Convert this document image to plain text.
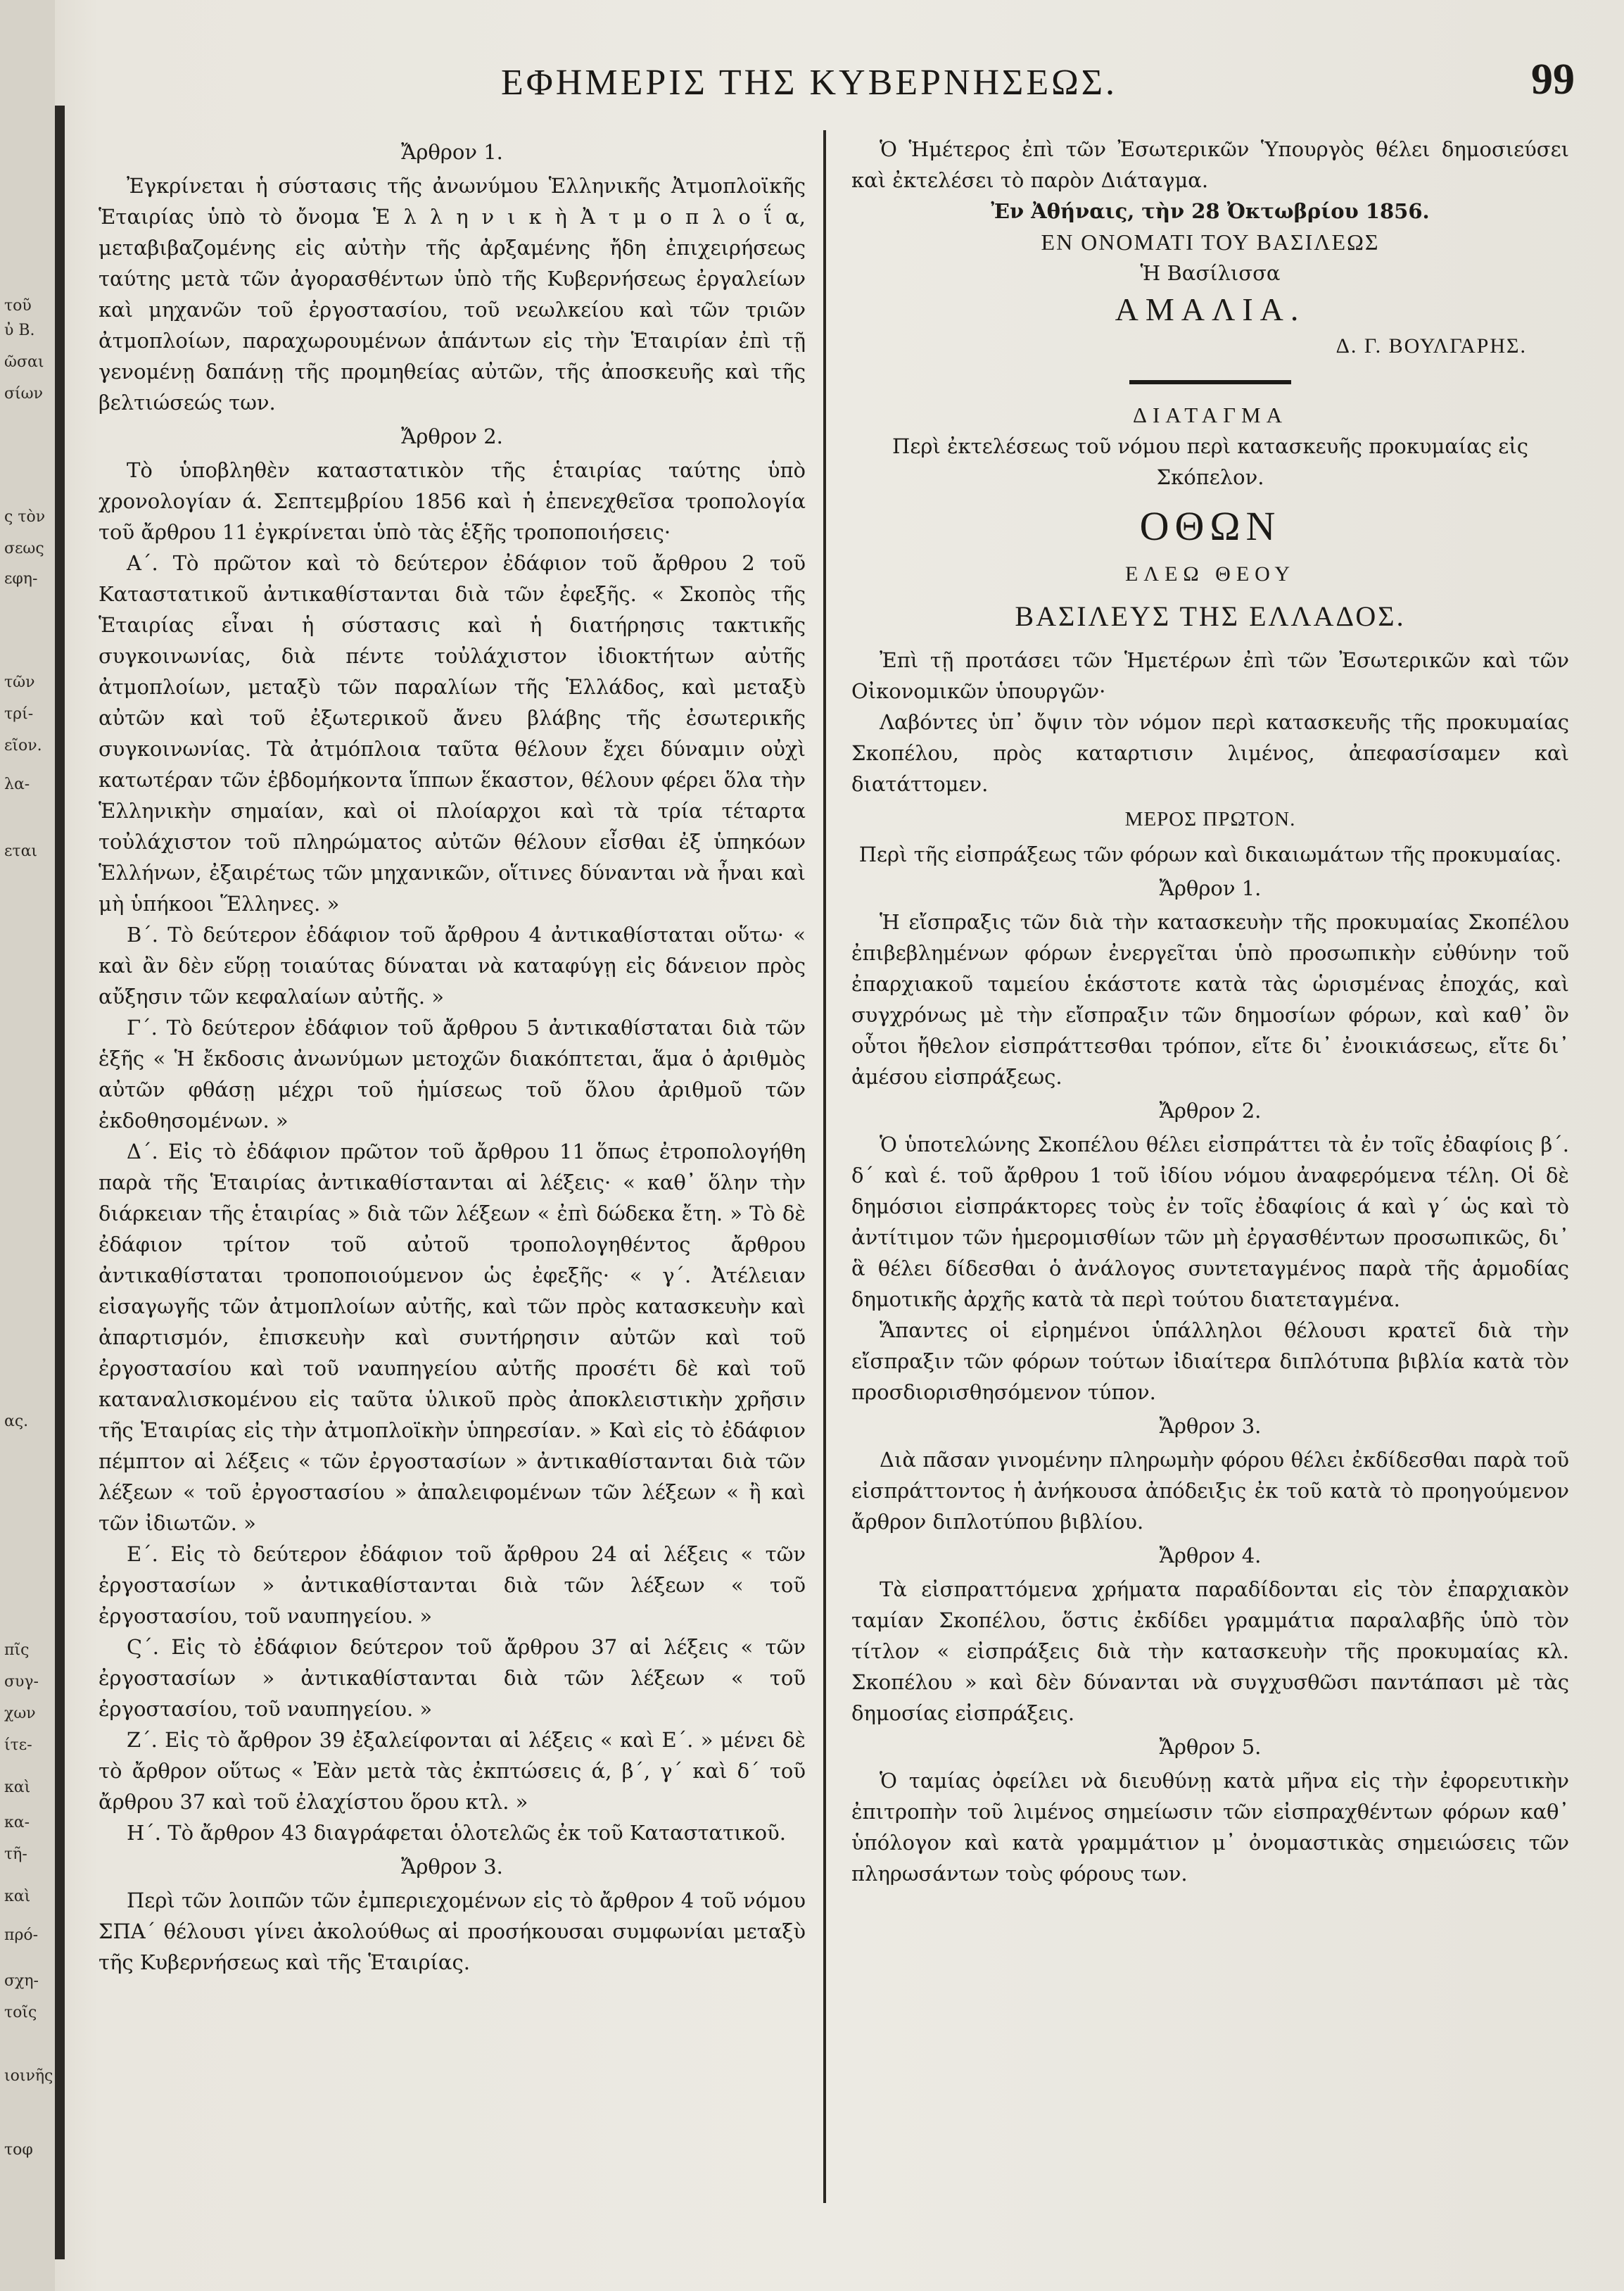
τοῦ
ὐ Β.
ῶσαι
σίων
ς τὸν
σεως
εφη-
τῶν
τρί-
εῖον.
λα-
εται
ας.
πῖς
συγ-
χων
ίτε-
καὶ
κα-
τῆ-
καὶ
πρό-
σχη-
τοῖς
ιοινῆς
τοφ
ΕΦΗΜΕΡΙΣ ΤΗΣ ΚΥΒΕΡΝΗΣΕΩΣ.	99

Ἄρθρον 1.

Ἐγκρίνεται ἡ σύστασις τῆς ἀνωνύμου Ἑλληνικῆς Ἀτμοπλοϊκῆς Ἑταιρίας ὑπὸ τὸ ὄνομα Ἑ λ λ η ν ι κ ὴ Ἀ τ μ ο π λ ο ΐ α, μεταβιβαζομένης εἰς αὐτὴν τῆς ἀρξαμένης ἤδη ἐπιχειρήσεως ταύτης μετὰ τῶν ἀγορασθέντων ὑπὸ τῆς Κυβερνήσεως ἐργαλείων καὶ μηχανῶν τοῦ ἐργοστασίου, τοῦ νεωλκείου καὶ τῶν τριῶν ἀτμοπλοίων, παραχωρουμένων ἁπάντων εἰς τὴν Ἑταιρίαν ἐπὶ τῇ γενομένῃ δαπάνῃ τῆς προμηθείας αὐτῶν, τῆς ἀποσκευῆς καὶ τῆς βελτιώσεώς των.

Ἄρθρον 2.

Τὸ ὑποβληθὲν καταστατικὸν τῆς ἑταιρίας ταύτης ὑπὸ χρονολογίαν ά. Σεπτεμβρίου 1856 καὶ ἡ ἐπενεχθεῖσα τροπολογία τοῦ ἄρθρου 11 ἐγκρίνεται ὑπὸ τὰς ἑξῆς τροποποιήσεις·

Α΄. Τὸ πρῶτον καὶ τὸ δεύτερον ἐδάφιον τοῦ ἄρθρου 2 τοῦ Καταστατικοῦ ἀντικαθίστανται διὰ τῶν ἐφεξῆς. « Σκοπὸς τῆς Ἑταιρίας εἶναι ἡ σύστασις καὶ ἡ διατήρησις τακτικῆς συγκοινωνίας, διὰ πέντε τοὐλάχιστον ἰδιοκτήτων αὐτῆς ἀτμοπλοίων, μεταξὺ τῶν παραλίων τῆς Ἑλλάδος, καὶ μεταξὺ αὐτῶν καὶ τοῦ ἐξωτερικοῦ ἄνευ βλάβης τῆς ἐσωτερικῆς συγκοινωνίας. Τὰ ἀτμόπλοια ταῦτα θέλουν ἔχει δύναμιν οὐχὶ κατωτέραν τῶν ἑβδομήκοντα ἵππων ἕκαστον, θέλουν φέρει ὅλα τὴν Ἑλληνικὴν σημαίαν, καὶ οἱ πλοίαρχοι καὶ τὰ τρία τέταρτα τοὐλάχιστον τοῦ πληρώματος αὐτῶν θέλουν εἶσθαι ἐξ ὑπηκόων Ἑλλήνων, ἐξαιρέτως τῶν μηχανικῶν, οἵτινες δύνανται νὰ ἦναι καὶ μὴ ὑπήκοοι Ἕλληνες. »

Β΄. Τὸ δεύτερον ἐδάφιον τοῦ ἄρθρου 4 ἀντικαθίσταται οὕτω· « καὶ ἂν δὲν εὕρῃ τοιαύτας δύναται νὰ καταφύγῃ εἰς δάνειον πρὸς αὔξησιν τῶν κεφαλαίων αὐτῆς. »

Γ΄. Τὸ δεύτερον ἐδάφιον τοῦ ἄρθρου 5 ἀντικαθίσταται διὰ τῶν ἑξῆς « Ἡ ἔκδοσις ἀνωνύμων μετοχῶν διακόπτεται, ἅμα ὁ ἀριθμὸς αὐτῶν φθάσῃ μέχρι τοῦ ἡμίσεως τοῦ ὅλου ἀριθμοῦ τῶν ἐκδοθησομένων. »

Δ΄. Εἰς τὸ ἐδάφιον πρῶτον τοῦ ἄρθρου 11 ὅπως ἐτροπολογήθη παρὰ τῆς Ἑταιρίας ἀντικαθίστανται αἱ λέξεις· « καθ᾽ ὅλην τὴν διάρκειαν τῆς ἑταιρίας » διὰ τῶν λέξεων « ἐπὶ δώδεκα ἔτη. » Τὸ δὲ ἐδάφιον τρίτον τοῦ αὐτοῦ τροπολογηθέντος ἄρθρου ἀντικαθίσταται τροποποιούμενον ὡς ἐφεξῆς· « γ΄. Ἀτέλειαν εἰσαγωγῆς τῶν ἀτμοπλοίων αὐτῆς, καὶ τῶν πρὸς κατασκευὴν καὶ ἀπαρτισμόν, ἐπισκευὴν καὶ συντήρησιν αὐτῶν καὶ τοῦ ἐργοστασίου καὶ τοῦ ναυπηγείου αὐτῆς προσέτι δὲ καὶ τοῦ καταναλισκομένου εἰς ταῦτα ὑλικοῦ πρὸς ἀποκλειστικὴν χρῆσιν τῆς Ἑταιρίας εἰς τὴν ἀτμοπλοϊκὴν ὑπηρεσίαν. » Καὶ εἰς τὸ ἐδάφιον πέμπτον αἱ λέξεις « τῶν ἐργοστασίων » ἀντικαθίστανται διὰ τῶν λέξεων « τοῦ ἐργοστασίου » ἀπαλειφομένων τῶν λέξεων « ἢ καὶ τῶν ἰδιωτῶν. »

Ε΄. Εἰς τὸ δεύτερον ἐδάφιον τοῦ ἄρθρου 24 αἱ λέξεις « τῶν ἐργοστασίων » ἀντικαθίστανται διὰ τῶν λέξεων « τοῦ ἐργοστασίου, τοῦ ναυπηγείου. »

Ϛ΄. Εἰς τὸ ἐδάφιον δεύτερον τοῦ ἄρθρου 37 αἱ λέξεις « τῶν ἐργοστασίων » ἀντικαθίστανται διὰ τῶν λέξεων « τοῦ ἐργοστασίου, τοῦ ναυπηγείου. »

Ζ΄. Εἰς τὸ ἄρθρον 39 ἐξαλείφονται αἱ λέξεις « καὶ Ε΄. » μένει δὲ τὸ ἄρθρον οὕτως « Ἐὰν μετὰ τὰς ἐκπτώσεις ά, β΄, γ΄ καὶ δ΄ τοῦ ἄρθρου 37 καὶ τοῦ ἐλαχίστου ὅρου κτλ. »

Η΄. Τὸ ἄρθρον 43 διαγράφεται ὁλοτελῶς ἐκ τοῦ Καταστατικοῦ.

Ἄρθρον 3.

Περὶ τῶν λοιπῶν τῶν ἐμπεριεχομένων εἰς τὸ ἄρθρον 4 τοῦ νόμου ΣΠΑ΄ θέλουσι γίνει ἀκολούθως αἱ προσήκουσαι συμφωνίαι μεταξὺ τῆς Κυβερνήσεως καὶ τῆς Ἑταιρίας.

Ὁ Ἡμέτερος ἐπὶ τῶν Ἐσωτερικῶν Ὑπουργὸς θέλει δημοσιεύσει καὶ ἐκτελέσει τὸ παρὸν Διάταγμα.

Ἐν Ἀθήναις, τὴν 28 Ὀκτωβρίου 1856.

ΕΝ ΟΝΟΜΑΤΙ ΤΟΥ ΒΑΣΙΛΕΩΣ

Ἡ Βασίλισσα

ΑΜΑΛΙΑ.

Δ. Γ. ΒΟΥΛΓΑΡΗΣ.

ΔΙΑΤΑΓΜΑ

Περὶ ἐκτελέσεως τοῦ νόμου περὶ κατασκευῆς προκυμαίας εἰς Σκόπελον.

ΟΘΩΝ

ΕΛΕΩ ΘΕΟΥ

ΒΑΣΙΛΕΥΣ ΤΗΣ ΕΛΛΑΔΟΣ.

Ἐπὶ τῇ προτάσει τῶν Ἡμετέρων ἐπὶ τῶν Ἐσωτερικῶν καὶ τῶν Οἰκονομικῶν ὑπουργῶν·

Λαβόντες ὑπ᾽ ὄψιν τὸν νόμον περὶ κατασκευῆς τῆς προκυμαίας Σκοπέλου, πρὸς καταρτισιν λιμένος, ἀπεφασίσαμεν καὶ διατάττομεν.

ΜΕΡΟΣ ΠΡΩΤΟΝ.

Περὶ τῆς εἰσπράξεως τῶν φόρων καὶ δικαιωμάτων τῆς προκυμαίας.

Ἄρθρον 1.

Ἡ εἴσπραξις τῶν διὰ τὴν κατασκευὴν τῆς προκυμαίας Σκοπέλου ἐπιβεβλημένων φόρων ἐνεργεῖται ὑπὸ προσωπικὴν εὐθύνην τοῦ ἐπαρχιακοῦ ταμείου ἑκάστοτε κατὰ τὰς ὡρισμένας ἐποχάς, καὶ συγχρόνως μὲ τὴν εἴσπραξιν τῶν δημοσίων φόρων, καὶ καθ᾽ ὃν οὗτοι ἤθελον εἰσπράττεσθαι τρόπον, εἴτε δι᾽ ἐνοικιάσεως, εἴτε δι᾽ ἀμέσου εἰσπράξεως.

Ἄρθρον 2.

Ὁ ὑποτελώνης Σκοπέλου θέλει εἰσπράττει τὰ ἐν τοῖς ἐδαφίοις β΄. δ΄ καὶ έ. τοῦ ἄρθρου 1 τοῦ ἰδίου νόμου ἀναφερόμενα τέλη. Οἱ δὲ δημόσιοι εἰσπράκτορες τοὺς ἐν τοῖς ἐδαφίοις ά καὶ γ΄ ὡς καὶ τὸ ἀντίτιμον τῶν ἡμερομισθίων τῶν μὴ ἐργασθέντων προσωπικῶς, δι᾽ ἃ θέλει δίδεσθαι ὁ ἀνάλογος συντεταγμένος παρὰ τῆς ἁρμοδίας δημοτικῆς ἀρχῆς κατὰ τὰ περὶ τούτου διατεταγμένα.

Ἅπαντες οἱ εἰρημένοι ὑπάλληλοι θέλουσι κρατεῖ διὰ τὴν εἴσπραξιν τῶν φόρων τούτων ἰδιαίτερα διπλότυπα βιβλία κατὰ τὸν προσδιορισθησόμενον τύπον.

Ἄρθρον 3.

Διὰ πᾶσαν γινομένην πληρωμὴν φόρου θέλει ἐκδίδεσθαι παρὰ τοῦ εἰσπράττοντος ἡ ἀνήκουσα ἀπόδειξις ἐκ τοῦ κατὰ τὸ προηγούμενον ἄρθρον διπλοτύπου βιβλίου.

Ἄρθρον 4.

Τὰ εἰσπραττόμενα χρήματα παραδίδονται εἰς τὸν ἐπαρχιακὸν ταμίαν Σκοπέλου, ὅστις ἐκδίδει γραμμάτια παραλαβῆς ὑπὸ τὸν τίτλον « εἰσπράξεις διὰ τὴν κατασκευὴν τῆς προκυμαίας κλ. Σκοπέλου » καὶ δὲν δύνανται νὰ συγχυσθῶσι παντάπασι μὲ τὰς δημοσίας εἰσπράξεις.

Ἄρθρον 5.

Ὁ ταμίας ὀφείλει νὰ διευθύνῃ κατὰ μῆνα εἰς τὴν ἐφορευτικὴν ἐπιτροπὴν τοῦ λιμένος σημείωσιν τῶν εἰσπραχθέντων φόρων καθ᾽ ὑπόλογον καὶ κατὰ γραμμάτιον μ᾽ ὀνομαστικὰς σημειώσεις τῶν πληρωσάντων τοὺς φόρους των.
